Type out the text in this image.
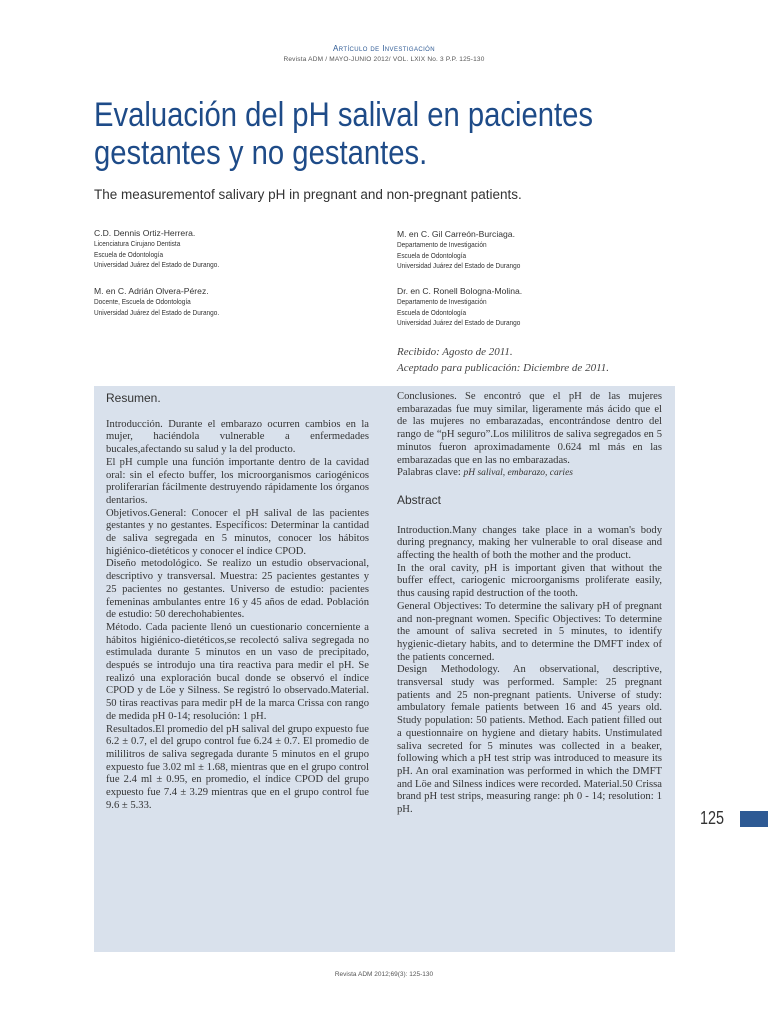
Artículo de Investigación
Revista ADM / MAYO-JUNIO 2012/ VOL. LXIX No. 3 P.P. 125-130
Evaluación del pH salival en pacientes
gestantes y no gestantes.
The measurementof salivary pH in pregnant and non-pregnant patients.
C.D. Dennis Ortiz-Herrera.
Licenciatura Cirujano Dentista
Escuela de Odontología
Universidad Juárez del Estado de Durango.
M. en C. Adrián Olvera-Pérez.
Docente, Escuela de Odontología
Universidad Juárez del Estado de Durango.
M. en C. Gil Carreón-Burciaga.
Departamento de Investigación
Escuela de Odontología
Universidad Juárez del Estado de Durango
Dr. en C. Ronell Bologna-Molina.
Departamento de Investigación
Escuela de Odontología
Universidad Juárez del Estado de Durango
Recibido: Agosto de 2011.
Aceptado para publicación: Diciembre de 2011.

Resumen.

Introducción. Durante el embarazo ocurren cambios en la mujer, haciéndola vulnerable a enfermedades bucales,afectando su salud y la del producto.

El pH cumple una función importante dentro de la cavidad oral: sin el efecto buffer, los microorganismos cariogénicos proliferarían fácilmente destruyendo rápidamente los órganos dentarios.

Objetivos.General: Conocer el pH salival de las pacientes gestantes y no gestantes. Específicos: Determinar la cantidad de saliva segregada en 5 minutos, conocer los hábitos higiénico-dietéticos y conocer el índice CPOD.

Diseño metodológico. Se realizo un estudio observacional, descriptivo y transversal. Muestra: 25 pacientes gestantes y 25 pacientes no gestantes. Universo de estudio: pacientes femeninas ambulantes entre 16 y 45 años de edad. Población de estudio: 50 derechohabientes.

Método. Cada paciente llenó un cuestionario concerniente a hábitos higiénico-dietéticos,se recolectó saliva segregada no estimulada durante 5 minutos en un vaso de precipitado, después se introdujo una tira reactiva para medir el pH. Se realizó una exploración bucal donde se observó el índice CPOD y de Löe y Silness. Se registró lo observado.Material. 50 tiras reactivas para medir pH de la marca Crissa con rango de medida pH 0-14; resolución: 1 pH.

Resultados.El promedio del pH salival del grupo expuesto fue 6.2 ± 0.7, el del grupo control fue 6.24 ± 0.7. El promedio de mililitros de saliva segregada durante 5 minutos en el grupo expuesto fue 3.02 ml ± 1.68, mientras que en el grupo control fue 2.4 ml ± 0.95, en promedio, el índice CPOD del grupo expuesto fue 7.4 ± 3.29 mientras que en el grupo control fue 9.6 ± 5.33.

Conclusiones. Se encontró que el pH de las mujeres embarazadas fue muy similar, ligeramente más ácido que el de las mujeres no embarazadas, encontrándose dentro del rango de “pH seguro”.Los mililitros de saliva segregados en 5 minutos fueron aproximadamente 0.624 ml más en las embarazadas que en las no embarazadas.

Palabras clave: pH salival, embarazo, caries

Abstract

Introduction.Many changes take place in a woman's body during pregnancy, making her vulnerable to oral disease and affecting the health of both the mother and the product.

In the oral cavity, pH is important given that without the buffer effect, cariogenic microorganisms proliferate easily, thus causing rapid destruction of the tooth.

General Objectives: To determine the salivary pH of pregnant and non-pregnant women. Specific Objectives: To determine the amount of saliva secreted in 5 minutes, to identify hygienic-dietary habits, and to determine the DMFT index of the patients concerned.

Design Methodology. An observational, descriptive, transversal study was performed. Sample: 25 pregnant patients and 25 non-pregnant patients. Universe of study: ambulatory female patients between 16 and 45 years old. Study population: 50 patients. Method. Each patient filled out a questionnaire on hygiene and dietary habits. Unstimulated saliva secreted for 5 minutes was collected in a beaker, following which a pH test strip was introduced to measure its pH. An oral examination was performed in which the DMFT and Löe and Silness indices were recorded. Material.50 Crissa brand pH test strips, measuring range: ph 0 - 14; resolution: 1 pH.	125
Revista ADM 2012;69(3): 125-130
